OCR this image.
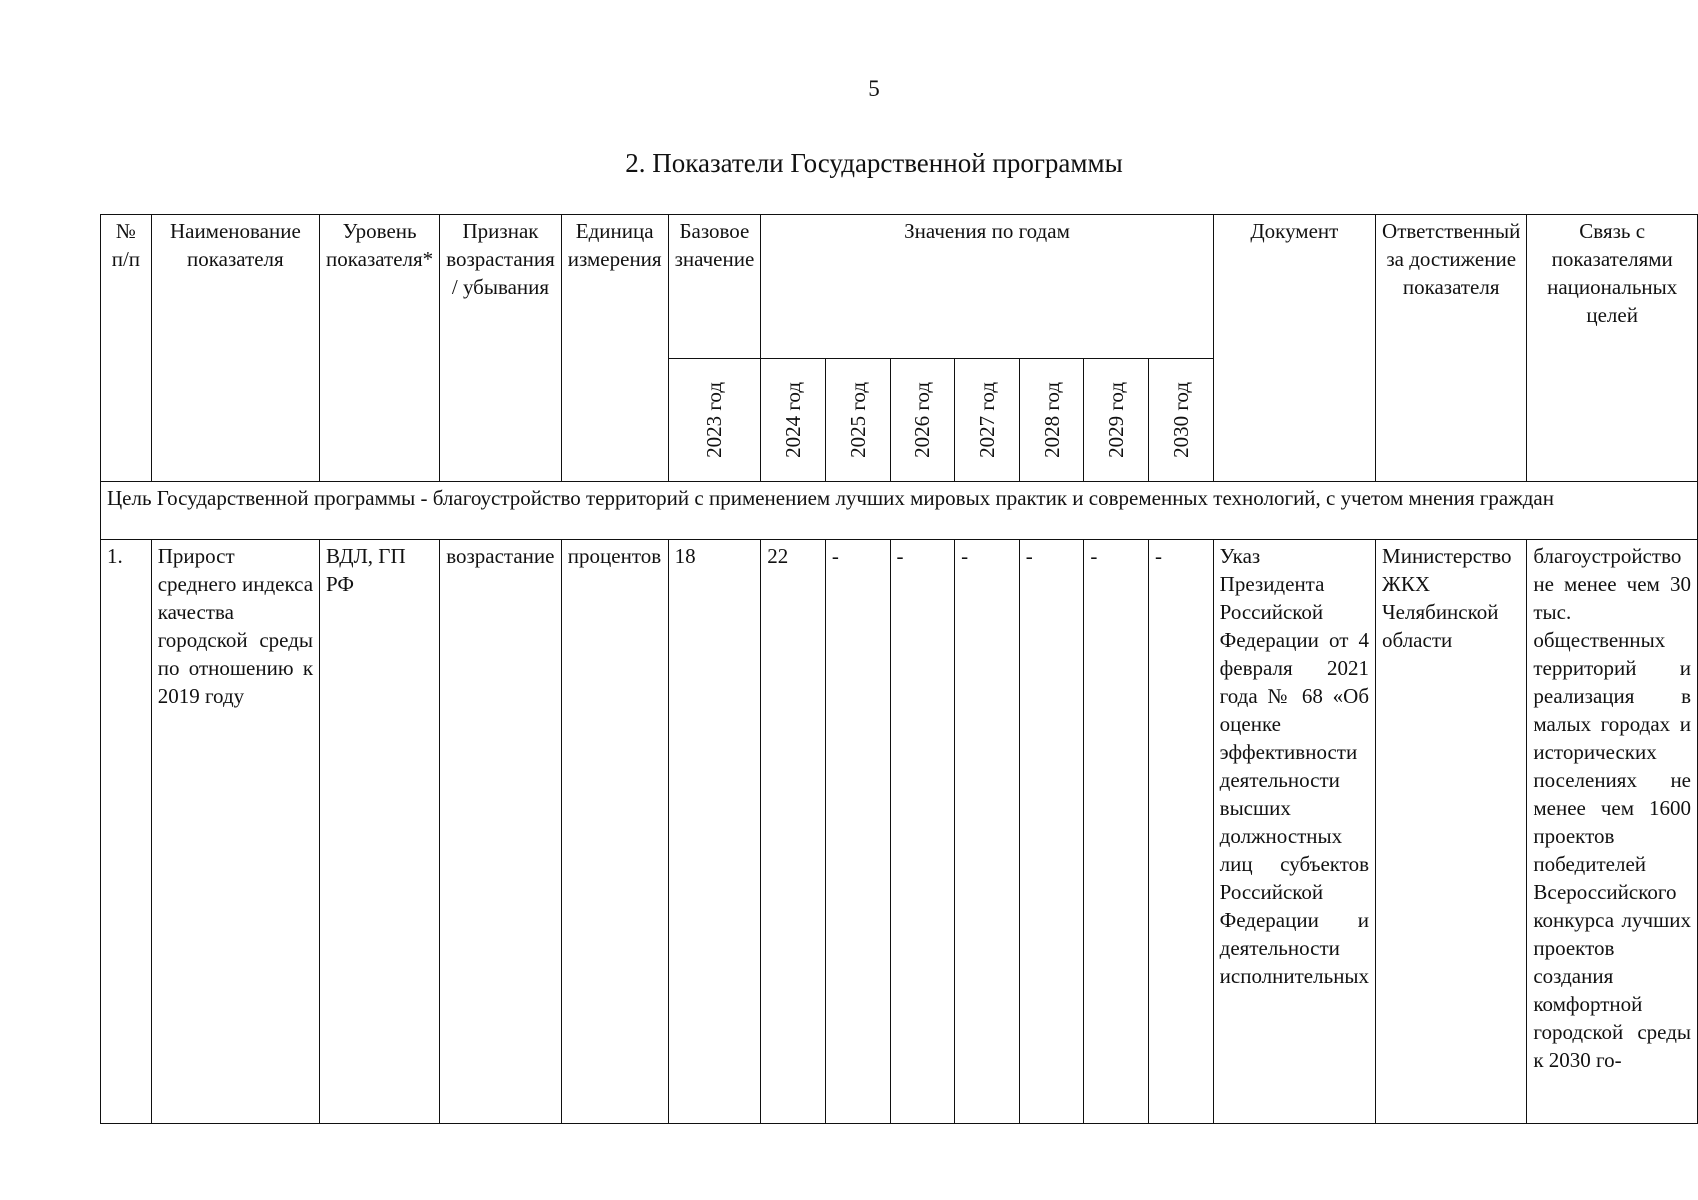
5
2. Показатели Государственной программы
№ п/п	Наименование показателя	Уровень показателя*	Признак возрастания / убывания	Единица измерения	Базовое значение	Значения по годам							Документ	Ответственный за достижение показателя	Связь с показателями национальных целей

					2023 год	2024 год	2025 год	2026 год	2027 год	2028 год	2029 год	2030 год			

Цель Государственной программы - благоустройство территорий с применением лучших мировых практик и современных технологий, с учетом мнения граждан															
1.	Прирост среднего индекса качества городской среды по отношению к 2019 году	ВДЛ, ГП РФ	возрастание	процентов	18	22	-	-	-	-	-	-	Указ Президента Российской Федерации от 4 февраля 2021 года № 68 «Об оценке эффективности деятельности высших должностных лиц субъектов Российской Федерации и деятельности исполнительных	Министерство ЖКХ Челябинской области	благоустройство не менее чем 30 тыс. общественных территорий и реализация в малых городах и исторических поселениях не менее чем 1600 проектов победителей Всероссийского конкурса лучших проектов создания комфортной городской среды к 2030 го-
